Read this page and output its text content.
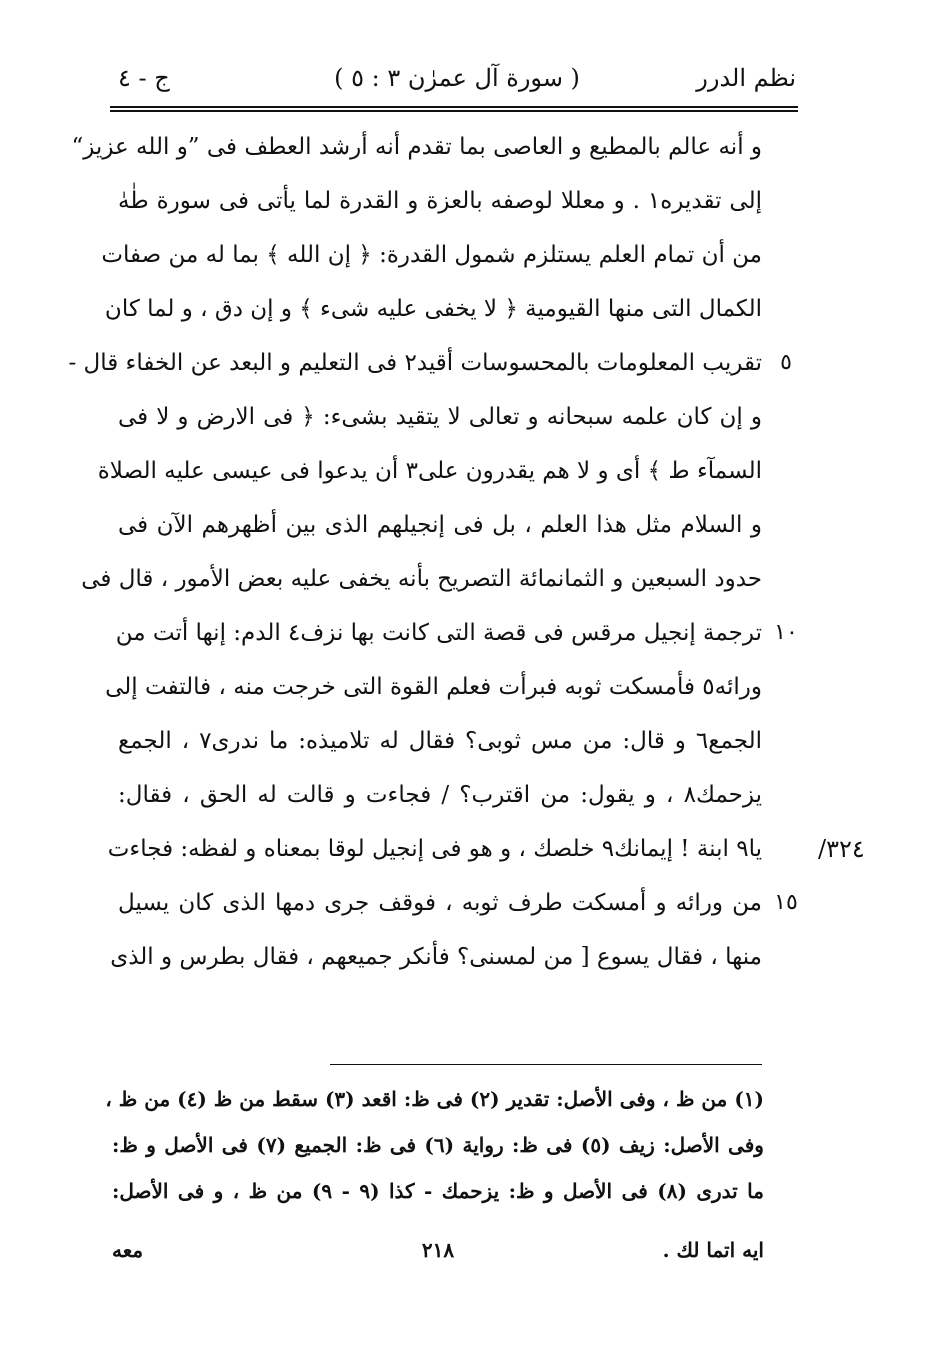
نظم الدرر
( سورة آل عمرٰن ٣ : ٥ )
ج - ٤
و أنه عالم بالمطيع و العاصى بما تقدم أنه أرشد العطف فى ”و الله عزيز“
إلى تقديره١ . و معللا لوصفه بالعزة و القدرة لما يأتى فى سورة طٰهٰ
من أن تمام العلم يستلزم شمول القدرة: ﴿ إن الله ﴾ بما له من صفات
الكمال التى منها القيومية ﴿ لا يخفى عليه شىء ﴾ و إن دق ، و لما كان
تقريب المعلومات بالمحسوسات أقيد٢ فى التعليم و البعد عن الخفاء قال -
و إن كان علمه سبحانه و تعالى لا يتقيد بشىء: ﴿ فى الارض و لا فى
السمآء ط ﴾ أى و لا هم يقدرون على٣ أن يدعوا فى عيسى عليه الصلاة
و السلام مثل هذا العلم ، بل فى إنجيلهم الذى بين أظهرهم الآن فى
حدود السبعين و الثمانمائة التصريح بأنه يخفى عليه بعض الأمور ، قال فى
ترجمة إنجيل مرقس فى قصة التى كانت بها نزف٤ الدم: إنها أتت من
ورائه٥ فأمسكت ثوبه فبرأت فعلم القوة التى خرجت منه ، فالتفت إلى
الجمع٦ و قال: من مس ثوبى؟ فقال له تلاميذه: ما ندرى٧ ، الجمع
يزحمك٨ ، و يقول: من اقترب؟ / فجاءت و قالت له الحق ، فقال:
يا٩ ابنة ! إيمانك٩ خلصك ، و هو فى إنجيل لوقا بمعناه و لفظه: فجاءت
من ورائه و أمسكت طرف ثوبه ، فوقف جرى دمها الذى كان يسيل
منها ، فقال يسوع [ من لمسنى؟ فأنكر جميعهم ، فقال بطرس و الذى
٥
١٠
١٥
٣٢٤/
(١) من ظ ، وفى الأصل: تقدير (٢) فى ظ: اقعد (٣) سقط من ظ (٤) من ظ ،
وفى الأصل: زيف (٥) فى ظ: رواية (٦) فى ظ: الجميع (٧) فى الأصل و ظ:
ما تدرى (٨) فى الأصل و ظ: يزحمك - كذا (٩ - ٩) من ظ ، و فى الأصل:
ايه اتما لك .
٢١٨
معه
